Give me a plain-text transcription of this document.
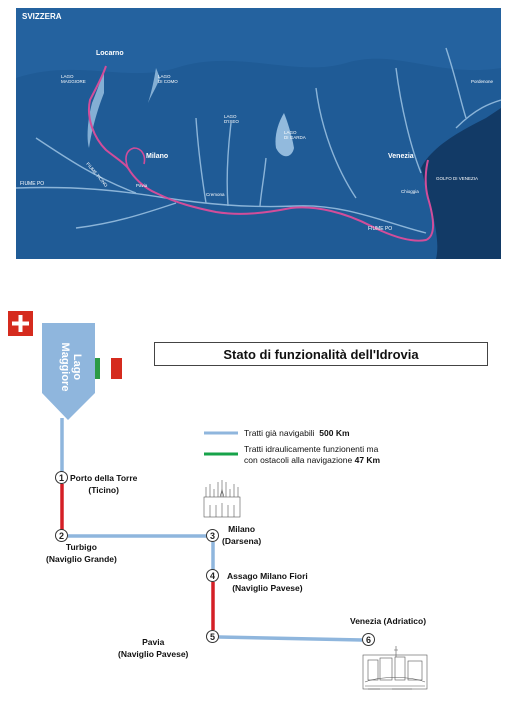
SVIZZERA
Locarno
LAGO MAGGIORE
LAGO DI COMO
LAGO D'ISEO
LAGO DI GARDA
Milano	Venezia
GOLFO DI VENEZIA
FIUME PO
FIUME PO
FIUME TICINO
Pordenone
Chioggia
Cremona
Pavia
Stato di funzionalità dell'Idrovia
Lago
Maggiore
Tratti già navigabili 500 Km
Tratti idraulicamente funzionenti ma
con ostacoli alla navigazione 47 Km
1
2	3
4
5	6
Porto della Torre
(Ticino)
Turbigo
(Naviglio Grande)
Milano
(Darsena)
Assago Milano Fiori
(Naviglio Pavese)
Pavia
(Naviglio Pavese)
Venezia (Adriatico)
